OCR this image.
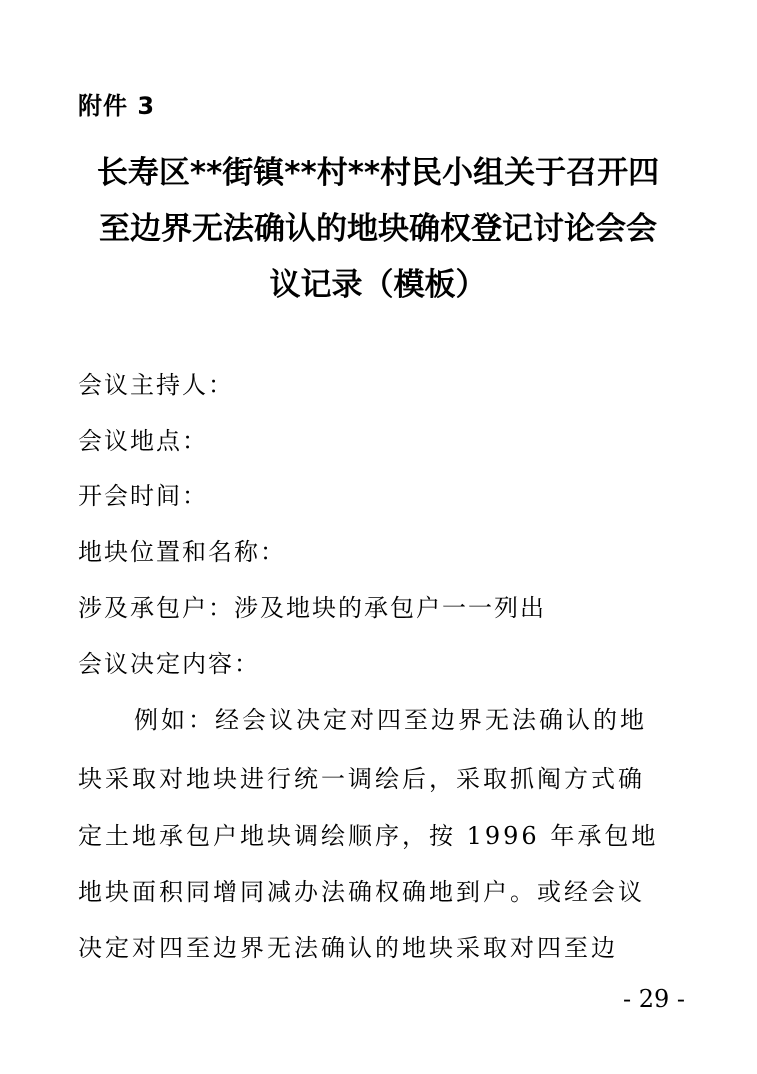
附件 3
长寿区**街镇**村**村民小组关于召开四
至边界无法确认的地块确权登记讨论会会
议记录（模板）
会议主持人：
会议地点：
开会时间：
地块位置和名称：
涉及承包户：涉及地块的承包户一一列出
会议决定内容：
例如：经会议决定对四至边界无法确认的地
块采取对地块进行统一调绘后，采取抓阄方式确
定土地承包户地块调绘顺序，按 1996 年承包地
地块面积同增同减办法确权确地到户。或经会议
决定对四至边界无法确认的地块采取对四至边
- 29 -
